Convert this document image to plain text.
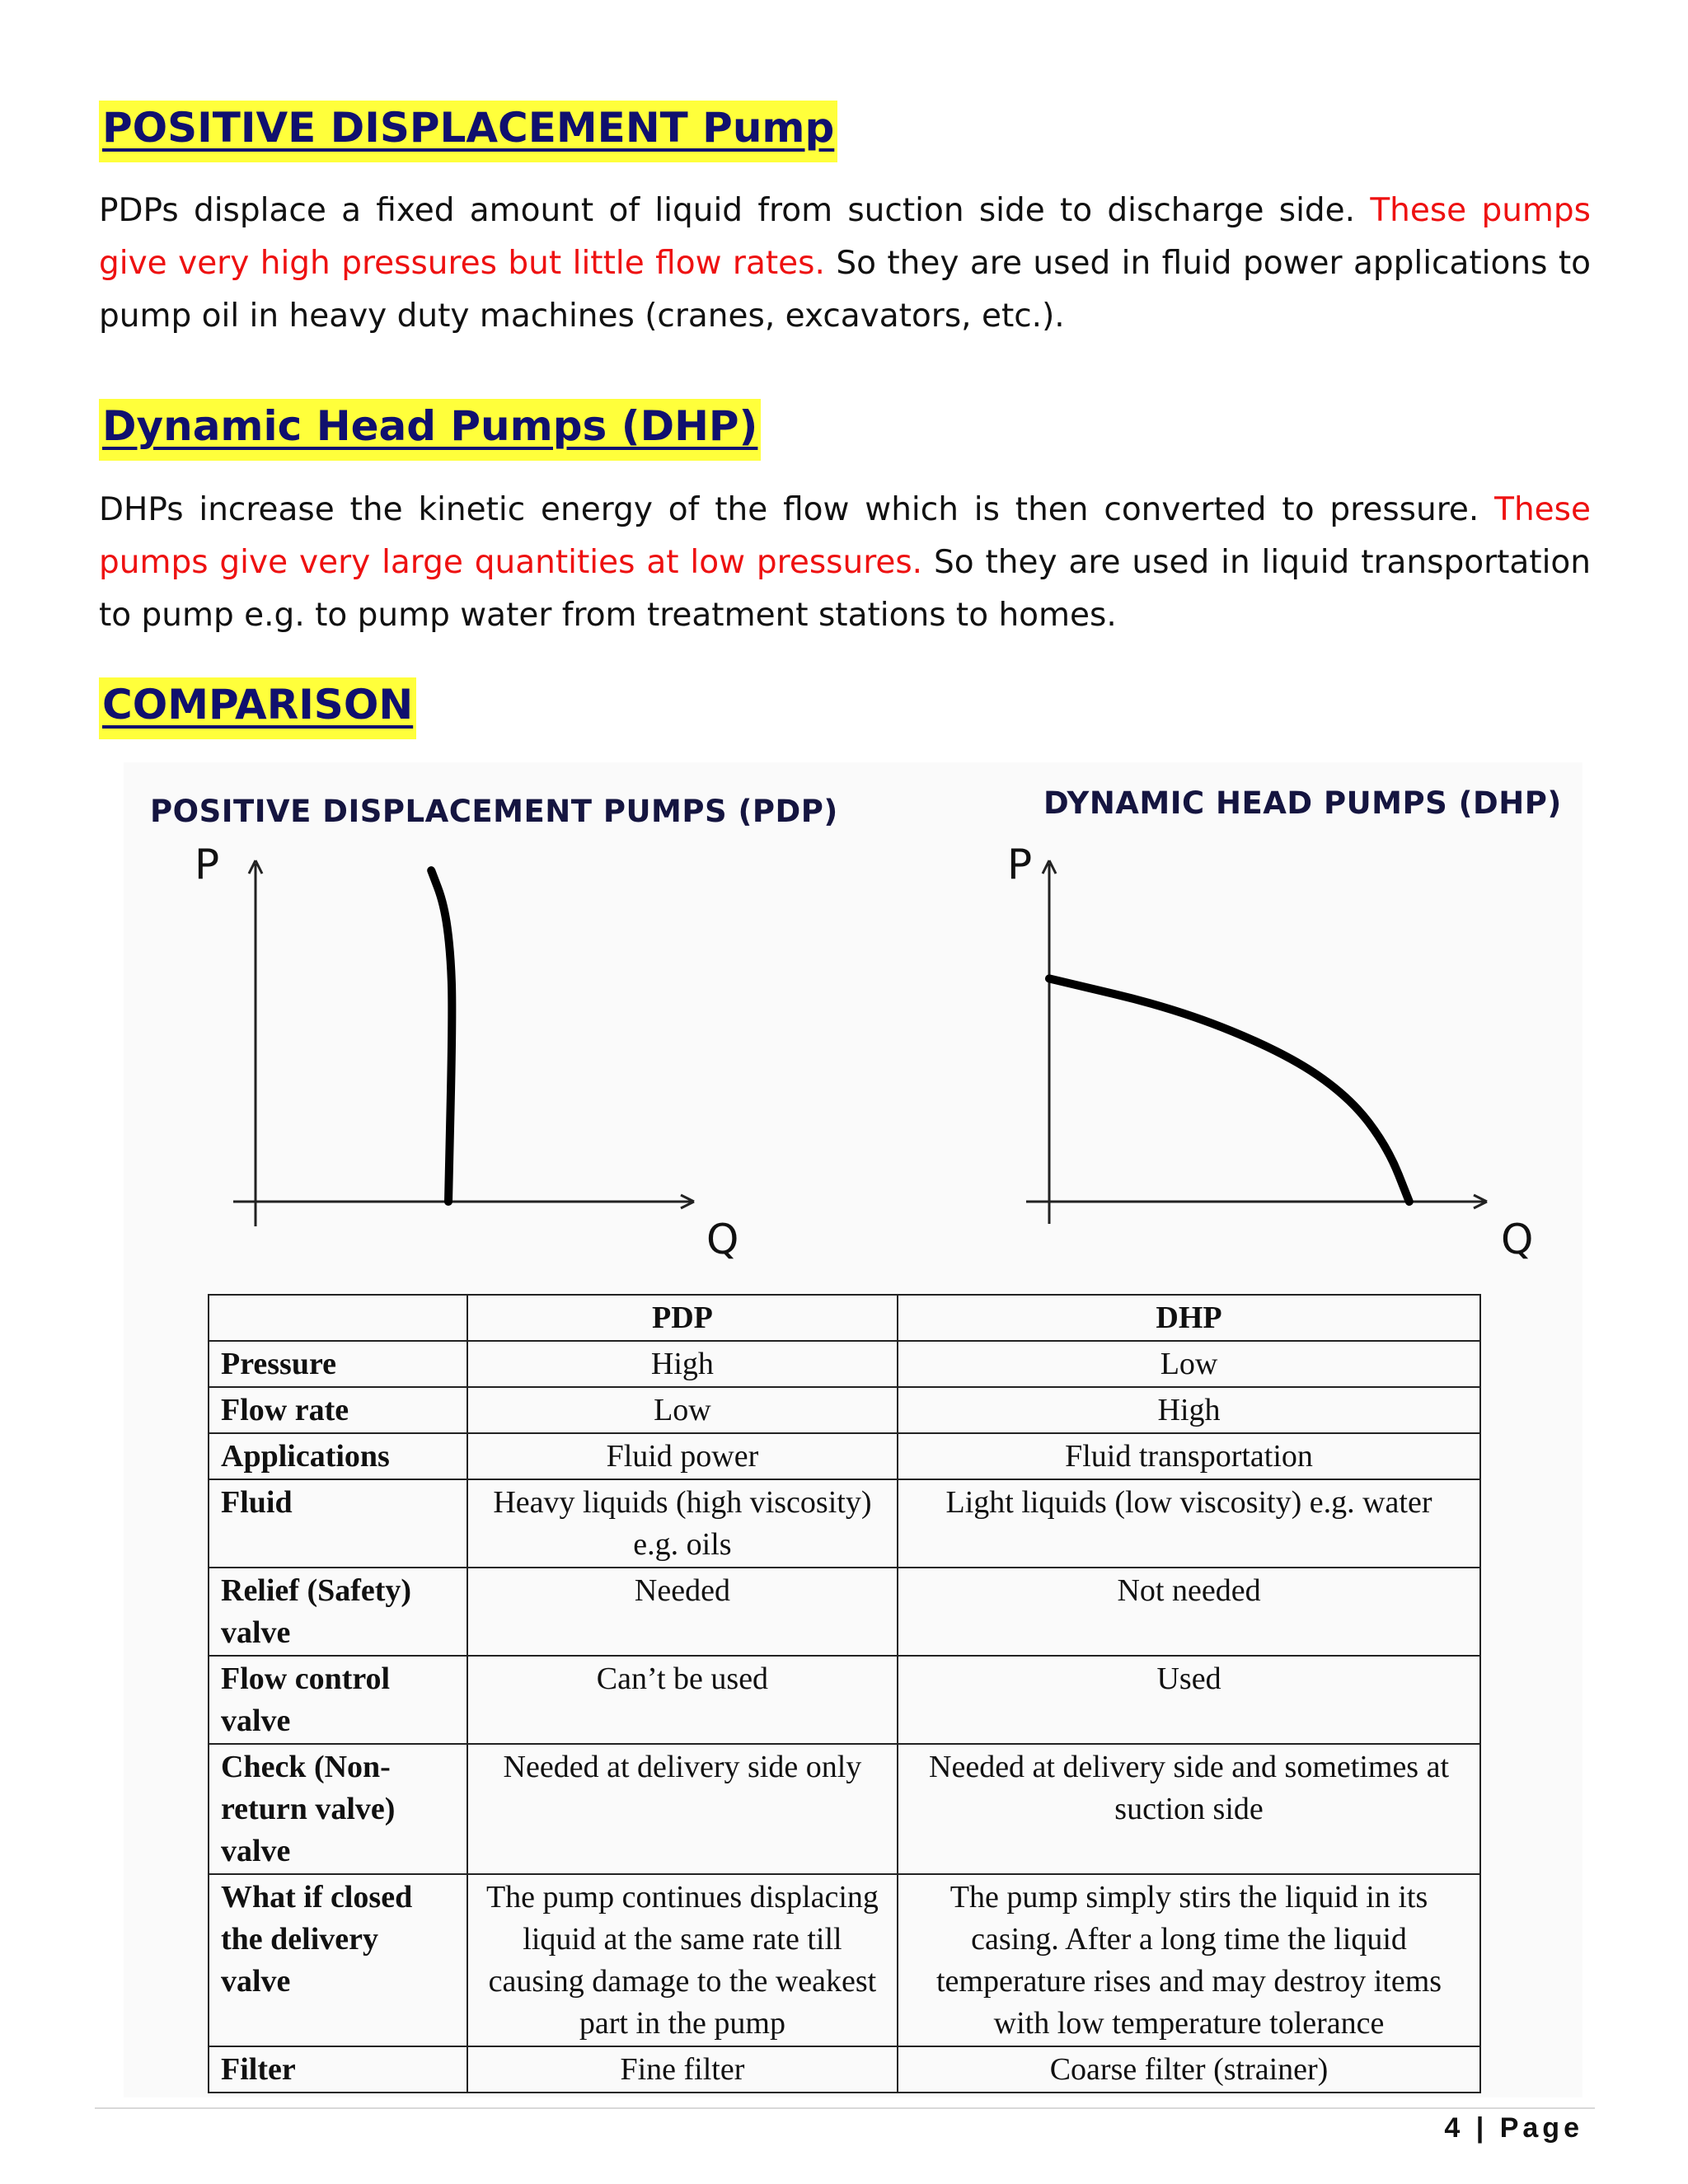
POSITIVE DISPLACEMENT Pump

PDPs displace a fixed amount of liquid from suction side to discharge side. These pumps give very high pressures but little flow rates. So they are used in fluid power applications to pump oil in heavy duty machines (cranes, excavators, etc.).

Dynamic Head Pumps (DHP)

DHPs increase the kinetic energy of the flow which is then converted to pressure. These pumps give very large quantities at low pressures. So they are used in liquid transportation to pump e.g. to pump water from treatment stations to homes.

COMPARISON
POSITIVE DISPLACEMENT PUMPS (PDP)
P
Q
DYNAMIC HEAD PUMPS (DHP)
P
Q
	PDP	DHP
Pressure	High	Low
Flow rate	Low	High
Applications	Fluid power	Fluid transportation
Fluid	Heavy liquids (high viscosity) e.g. oils	Light liquids (low viscosity) e.g. water
Relief (Safety) valve	Needed	Not needed
Flow control valve	Can’t be used	Used
Check (Non-return valve) valve	Needed at delivery side only	Needed at delivery side and sometimes at suction side
What if closed the delivery valve	The pump continues displacing liquid at the same rate till causing damage to the weakest part in the pump	The pump simply stirs the liquid in its casing. After a long time the liquid temperature rises and may destroy items with low temperature tolerance
Filter	Fine filter	Coarse filter (strainer)
4 | Page
